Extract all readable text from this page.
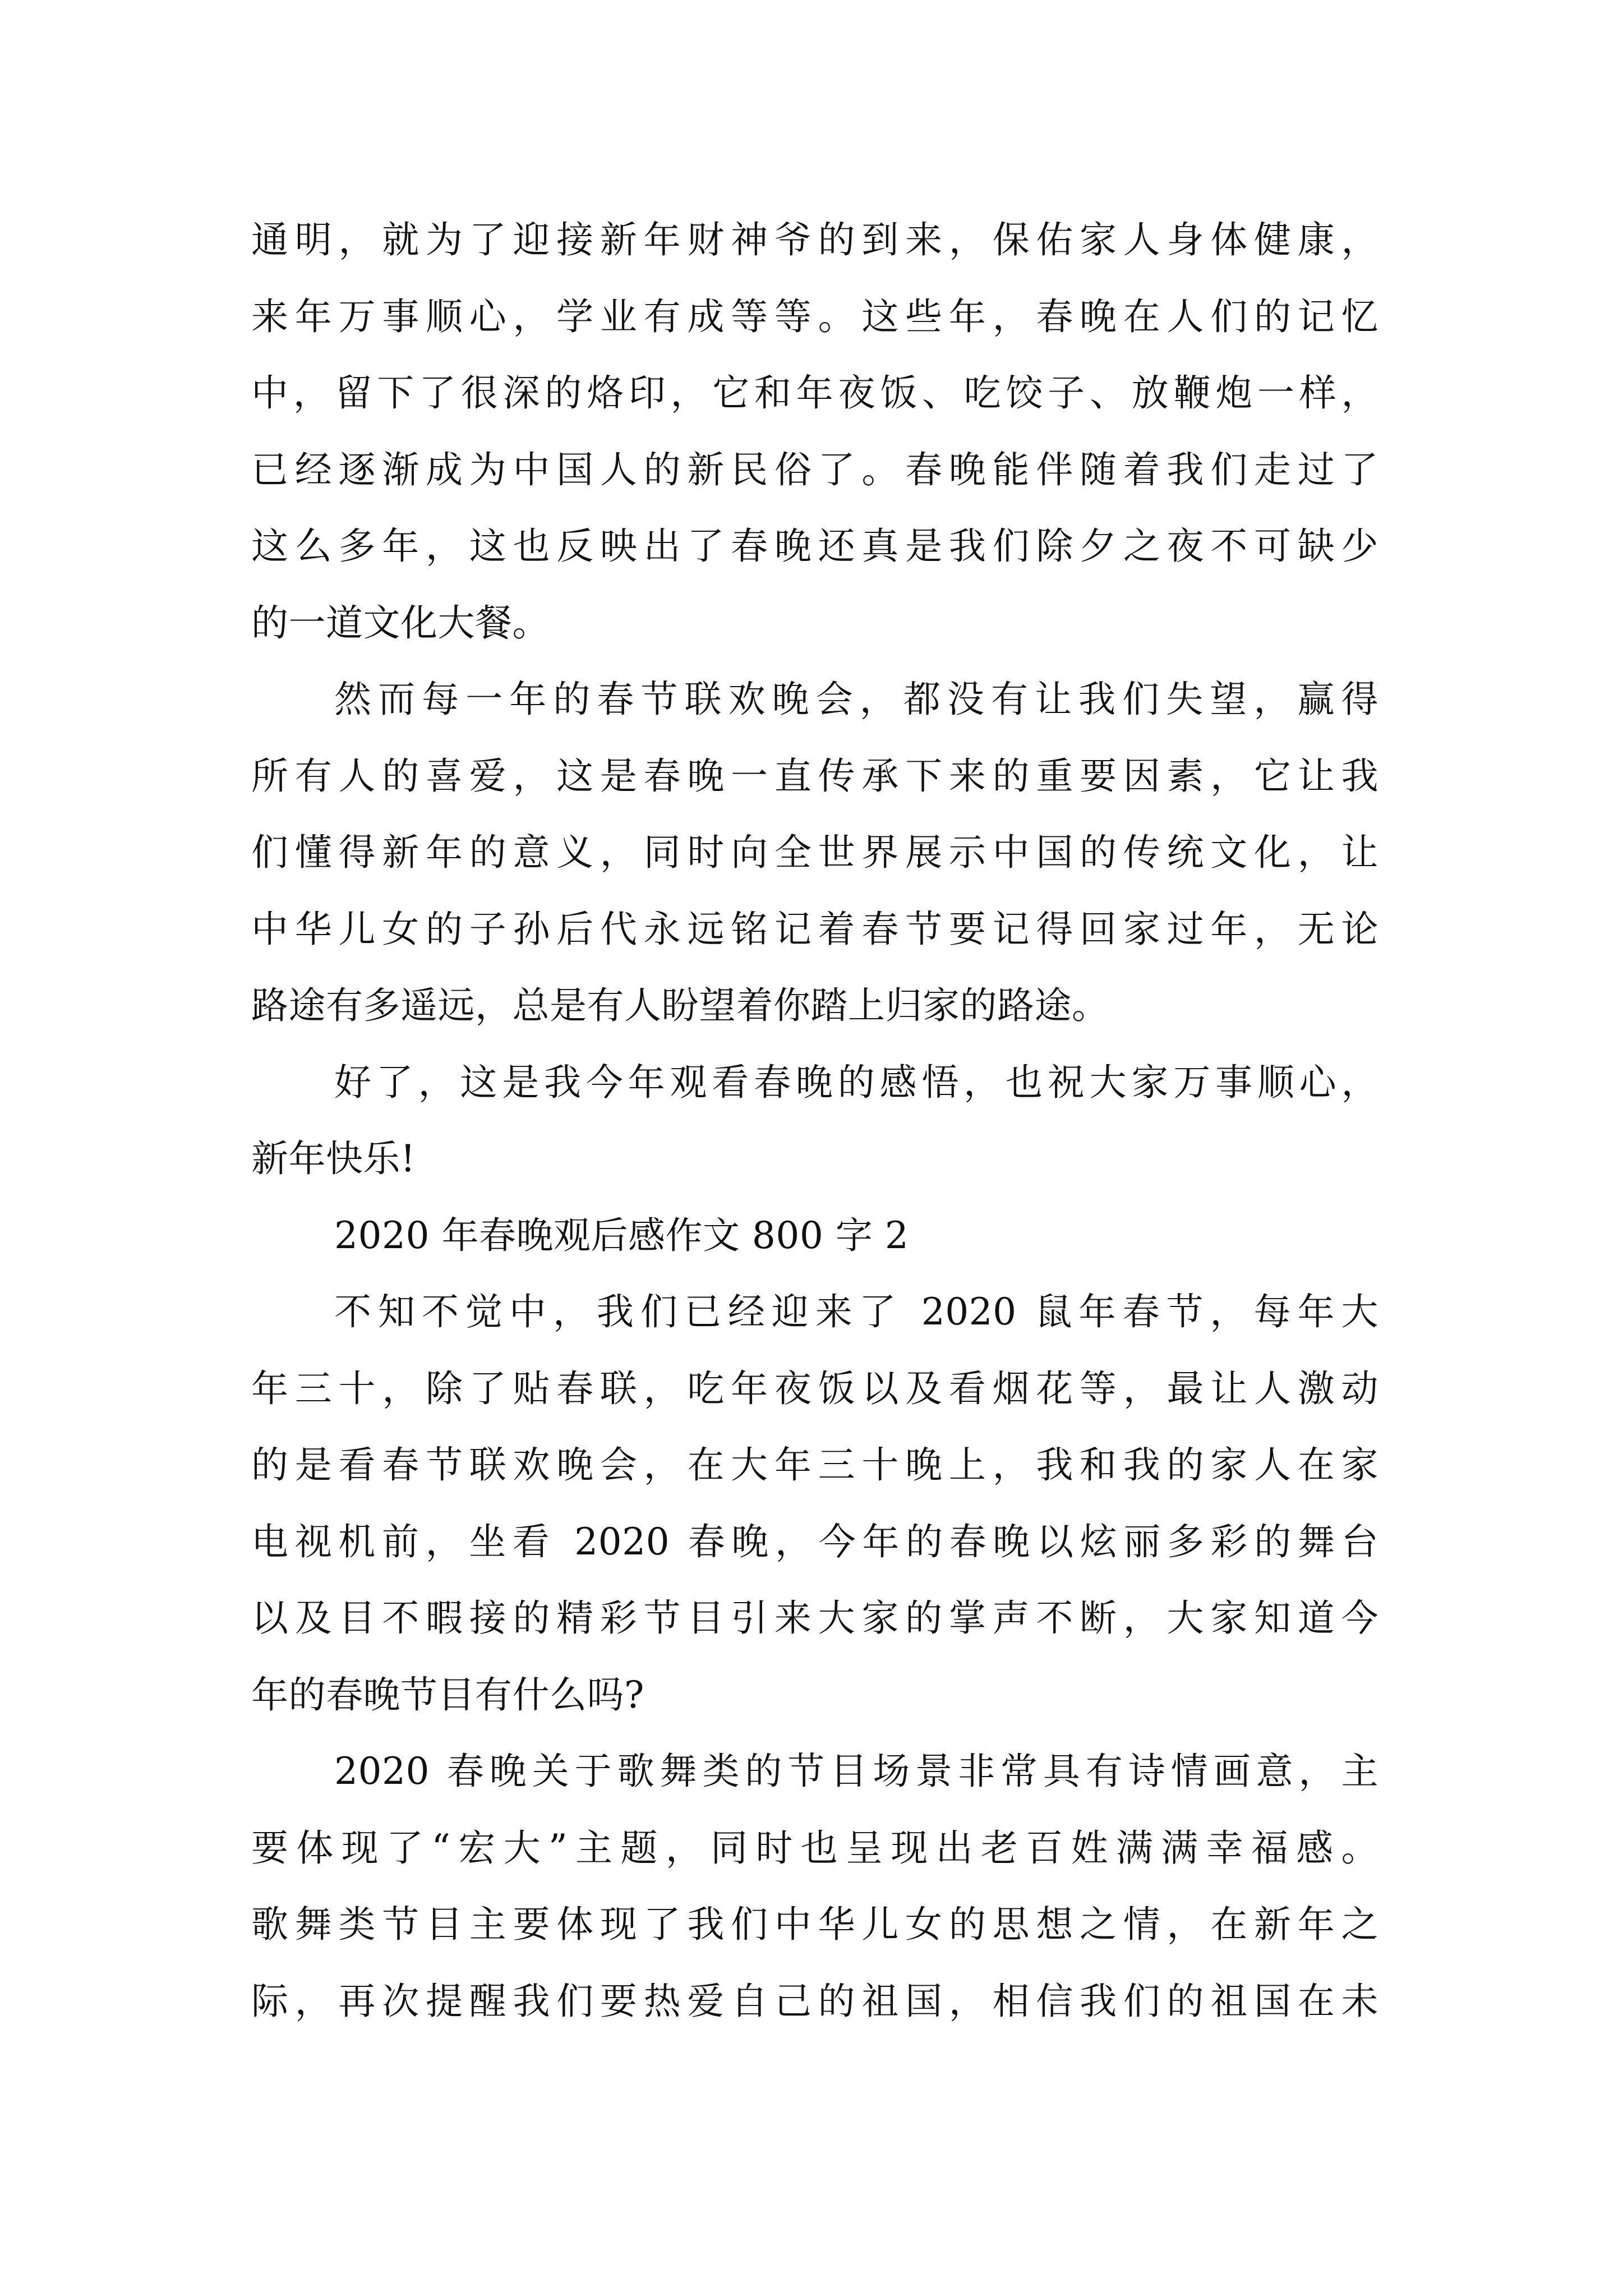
通明，就为了迎接新年财神爷的到来，保佑家人身体健康，
来年万事顺心，学业有成等等。这些年，春晚在人们的记忆
中，留下了很深的烙印，它和年夜饭、吃饺子、放鞭炮一样，
已经逐渐成为中国人的新民俗了。春晚能伴随着我们走过了
这么多年，这也反映出了春晚还真是我们除夕之夜不可缺少
的一道文化大餐。
然而每一年的春节联欢晚会，都没有让我们失望，赢得
所有人的喜爱，这是春晚一直传承下来的重要因素，它让我
们懂得新年的意义，同时向全世界展示中国的传统文化，让
中华儿女的子孙后代永远铭记着春节要记得回家过年，无论
路途有多遥远，总是有人盼望着你踏上归家的路途。
好了，这是我今年观看春晚的感悟，也祝大家万事顺心，
新年快乐!
2020 年春晚观后感作文 800 字 2
不知不觉中，我们已经迎来了 2020 鼠年春节，每年大
年三十，除了贴春联，吃年夜饭以及看烟花等，最让人激动
的是看春节联欢晚会，在大年三十晚上，我和我的家人在家
电视机前，坐看 2020 春晚，今年的春晚以炫丽多彩的舞台
以及目不暇接的精彩节目引来大家的掌声不断，大家知道今
年的春晚节目有什么吗?
2020 春晚关于歌舞类的节目场景非常具有诗情画意，主
要体现了“宏大”主题，同时也呈现出老百姓满满幸福感。
歌舞类节目主要体现了我们中华儿女的思想之情，在新年之
际，再次提醒我们要热爱自己的祖国，相信我们的祖国在未
